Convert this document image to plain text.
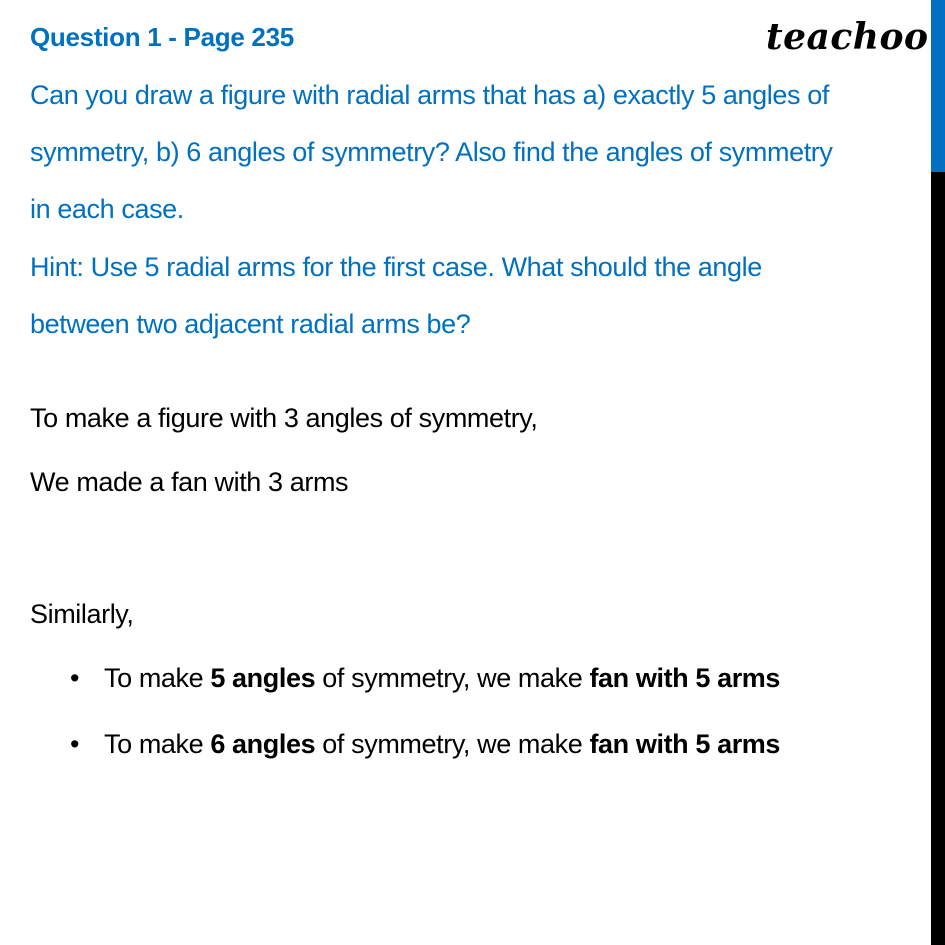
Question 1 - Page 235	teachoo
Can you draw a figure with radial arms that has a) exactly 5 angles of
symmetry, b) 6 angles of symmetry? Also find the angles of symmetry
in each case.
Hint: Use 5 radial arms for the first case. What should the angle
between two adjacent radial arms be?
To make a figure with 3 angles of symmetry,
We made a fan with 3 arms
Similarly,
• To make 5 angles of symmetry, we make fan with 5 arms
• To make 6 angles of symmetry, we make fan with 5 arms
